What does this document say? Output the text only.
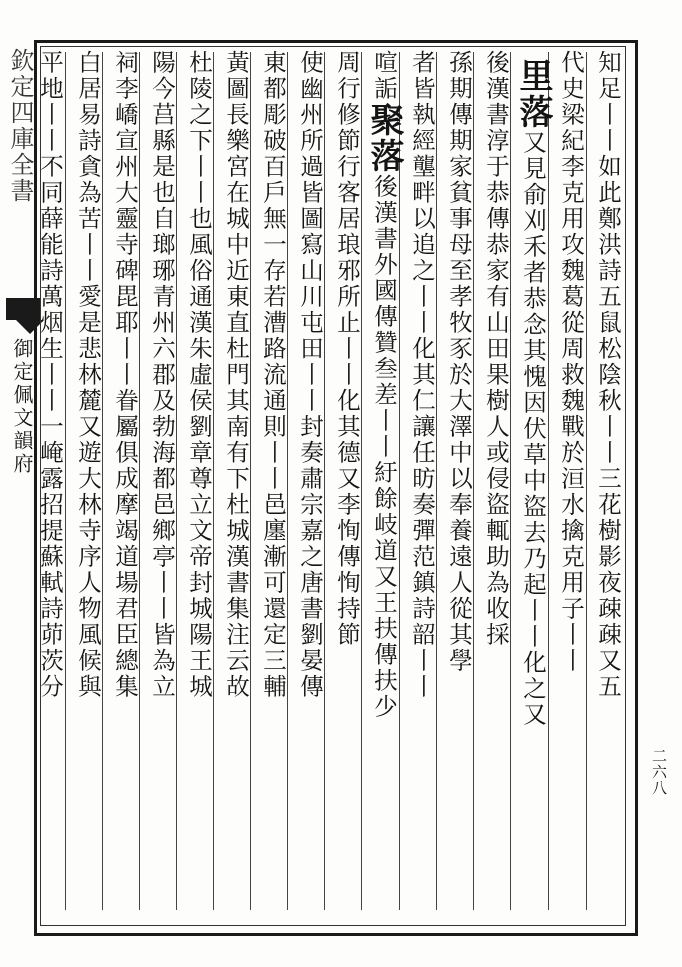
欽定四庫全書
御定佩文韻府
二六八
知足丨丨如此鄭洪詩五鼠松陰秋丨丨三花樹影夜疎疎又五
代史梁紀李克用攻魏葛從周救魏戰於洹水擒克用子丨丨
里落又見俞刈禾者恭念其愧因伏草中盜去乃起丨丨化之又
後漢書淳于恭傳恭家有山田果樹人或侵盜輒助為收採
孫期傳期家貧事母至孝牧豕於大澤中以奉養遠人從其學
者皆執經壟畔以追之丨丨化其仁讓任昉奏彈范鎮詩韶丨丨
喧詬聚落後漢書外國傳贊叁差丨丨紆餘岐道又王扶傳扶少
周行修節行客居琅邪所止丨丨化其德又李恂傳恂持節
使幽州所過皆圖寫山川屯田丨丨封奏肅宗嘉之唐書劉晏傳
東都彫破百戶無一存若漕路流通則丨丨邑廛漸可還定三輔
黃圖長樂宮在城中近東直杜門其南有下杜城漢書集注云故
杜陵之下丨丨也風俗通漢朱虛侯劉章尊立文帝封城陽王城
陽今莒縣是也自瑯琊青州六郡及勃海都邑鄉亭丨丨皆為立
祠李嶠宣州大靈寺碑毘耶丨丨眷屬俱成摩竭道場君臣總集
白居易詩貪為苦丨丨愛是悲林麓又遊大林寺序人物風候與
平地丨丨不同薛能詩萬烟生丨丨一崦露招提蘇軾詩茆茨分
